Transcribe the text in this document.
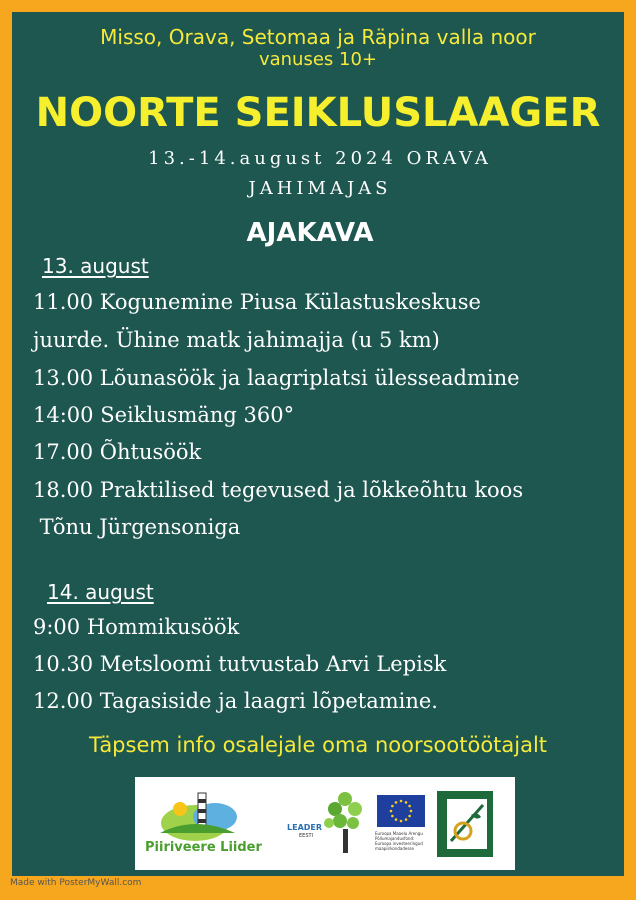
Misso, Orava, Setomaa ja Räpina valla noor
vanuses 10+
NOORTE SEIKLUSLAAGER
13.-14.august 2024 ORAVA
JAHIMAJAS
AJAKAVA
13. august
11.00 Kogunemine Piusa Külastuskeskuse
juurde. Ühine matk jahimajja (u 5 km)
13.00 Lõunasöök ja laagriplatsi ülesseadmine
14:00 Seiklusmäng 360°
17.00 Õhtusöök
18.00 Praktilised tegevused ja lõkkeõhtu koos
Tõnu Jürgensoniga
14. august
9:00 Hommikusöök
10.30 Metsloomi tutvustab Arvi Lepisk
12.00 Tagasiside ja laagri lõpetamine.
Täpsem info osalejale oma noorsootöötajalt
Piiriveere Liider
LEADER
EESTI	Euroopa Maaelu Arengu
Põllumajandusfond:
Euroopa investeeringud
maapiirkondadesse
LEADER
Made with PosterMyWall.com
